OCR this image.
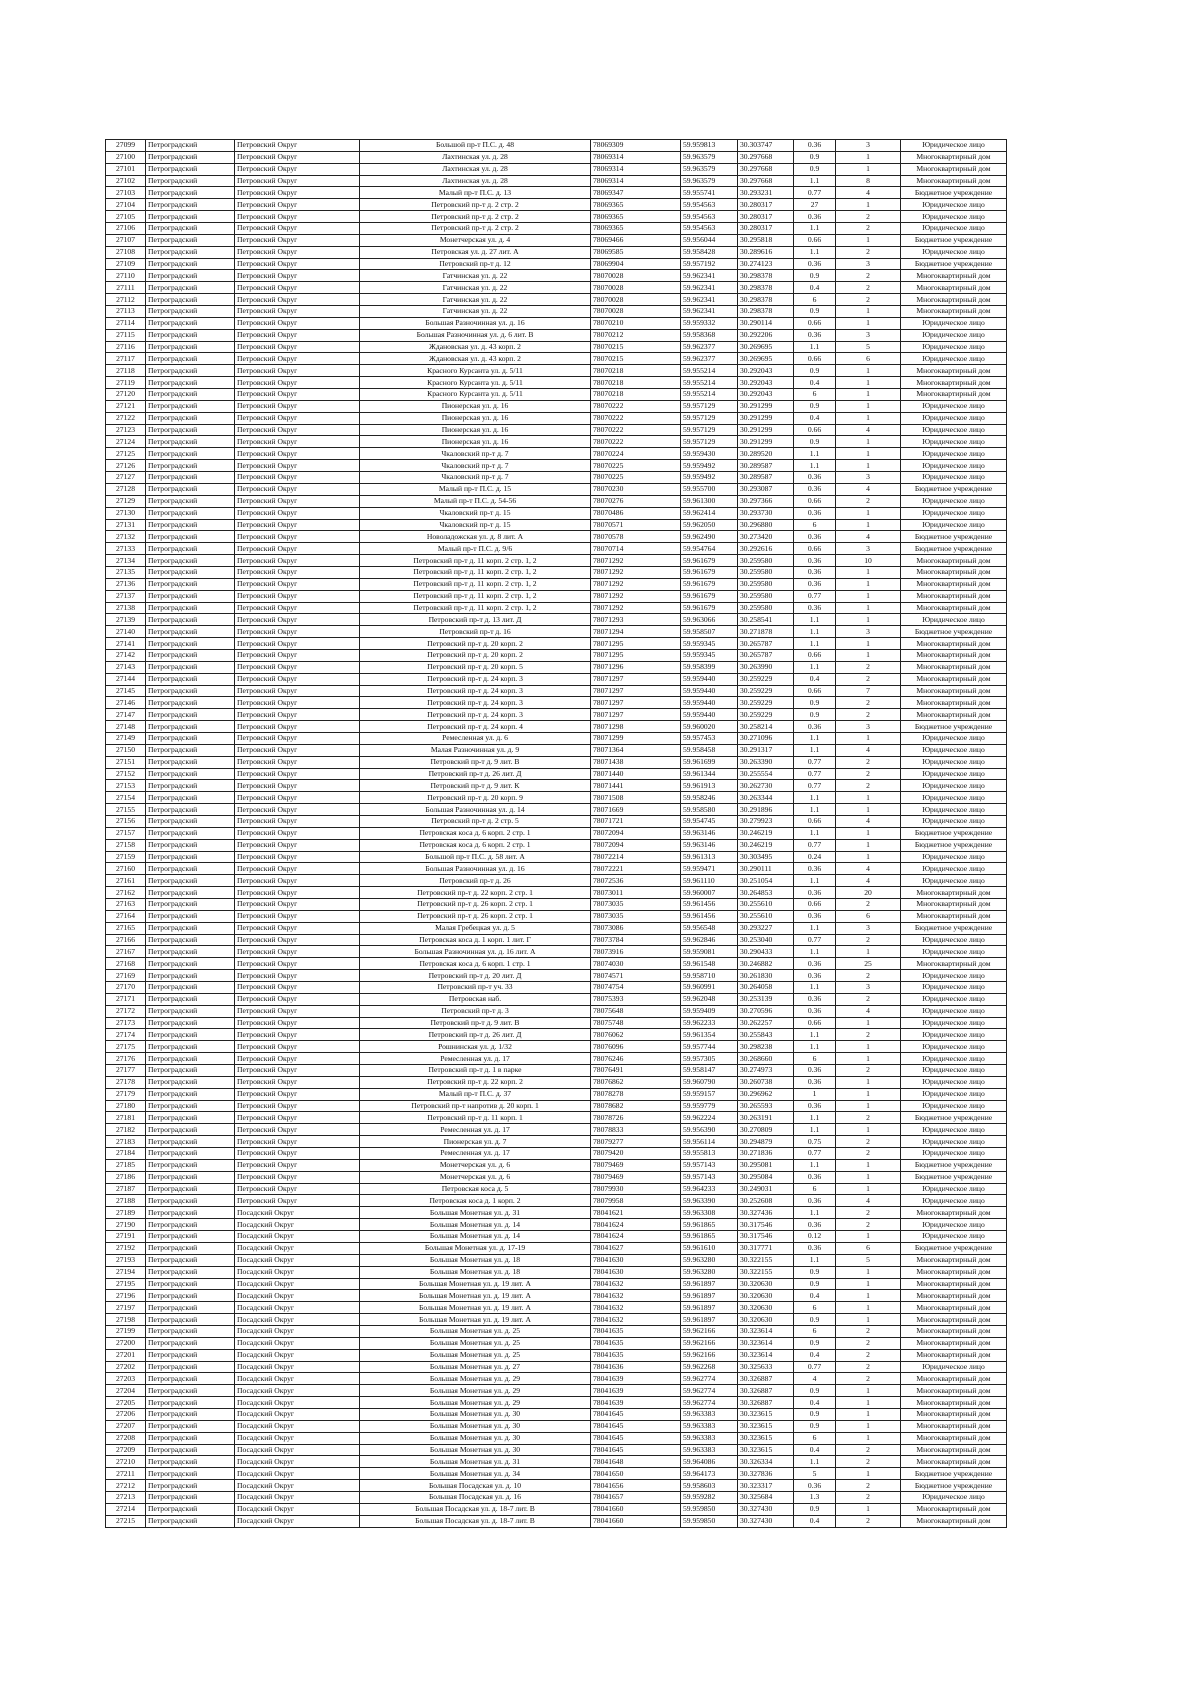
27099	Петроградский	Петровский Округ	Большой пр-т П.С. д. 48	78069309	59.959813	30.303747	0.36	3	Юридическое лицо
27100	Петроградский	Петровский Округ	Лахтинская ул. д. 28	78069314	59.963579	30.297668	0.9	1	Многоквартирный дом
27101	Петроградский	Петровский Округ	Лахтинская ул. д. 28	78069314	59.963579	30.297668	0.9	1	Многоквартирный дом
27102	Петроградский	Петровский Округ	Лахтинская ул. д. 28	78069314	59.963579	30.297668	1.1	8	Многоквартирный дом
27103	Петроградский	Петровский Округ	Малый пр-т П.С. д. 13	78069347	59.955741	30.293231	0.77	4	Бюджетное учреждение
27104	Петроградский	Петровский Округ	Петровский пр-т д. 2 стр. 2	78069365	59.954563	30.280317	27	1	Юридическое лицо
27105	Петроградский	Петровский Округ	Петровский пр-т д. 2 стр. 2	78069365	59.954563	30.280317	0.36	2	Юридическое лицо
27106	Петроградский	Петровский Округ	Петровский пр-т д. 2 стр. 2	78069365	59.954563	30.280317	1.1	2	Юридическое лицо
27107	Петроградский	Петровский Округ	Монетчерская ул. д. 4	78069466	59.956044	30.295818	0.66	1	Бюджетное учреждение
27108	Петроградский	Петровский Округ	Петровская ул. д. 27 лит. А	78069585	59.958428	30.289616	1.1	2	Юридическое лицо
27109	Петроградский	Петровский Округ	Петровский пр-т д. 12	78069904	59.957192	30.274123	0.36	3	Бюджетное учреждение
27110	Петроградский	Петровский Округ	Гатчинская ул. д. 22	78070028	59.962341	30.298378	0.9	2	Многоквартирный дом
27111	Петроградский	Петровский Округ	Гатчинская ул. д. 22	78070028	59.962341	30.298378	0.4	2	Многоквартирный дом
27112	Петроградский	Петровский Округ	Гатчинская ул. д. 22	78070028	59.962341	30.298378	6	2	Многоквартирный дом
27113	Петроградский	Петровский Округ	Гатчинская ул. д. 22	78070028	59.962341	30.298378	0.9	1	Многоквартирный дом
27114	Петроградский	Петровский Округ	Большая Разночинная ул. д. 16	78070210	59.959332	30.290114	0.66	1	Юридическое лицо
27115	Петроградский	Петровский Округ	Большая Разночинная ул. д. 6 лит. В	78070212	59.958368	30.292206	0.36	3	Юридическое лицо
27116	Петроградский	Петровский Округ	Ждановская ул. д. 43 корп. 2	78070215	59.962377	30.269695	1.1	5	Юридическое лицо
27117	Петроградский	Петровский Округ	Ждановская ул. д. 43 корп. 2	78070215	59.962377	30.269695	0.66	6	Юридическое лицо
27118	Петроградский	Петровский Округ	Красного Курсанта ул. д. 5/11	78070218	59.955214	30.292043	0.9	1	Многоквартирный дом
27119	Петроградский	Петровский Округ	Красного Курсанта ул. д. 5/11	78070218	59.955214	30.292043	0.4	1	Многоквартирный дом
27120	Петроградский	Петровский Округ	Красного Курсанта ул. д. 5/11	78070218	59.955214	30.292043	6	1	Многоквартирный дом
27121	Петроградский	Петровский Округ	Пионерская ул. д. 16	78070222	59.957129	30.291299	0.9	1	Юридическое лицо
27122	Петроградский	Петровский Округ	Пионерская ул. д. 16	78070222	59.957129	30.291299	0.4	1	Юридическое лицо
27123	Петроградский	Петровский Округ	Пионерская ул. д. 16	78070222	59.957129	30.291299	0.66	4	Юридическое лицо
27124	Петроградский	Петровский Округ	Пионерская ул. д. 16	78070222	59.957129	30.291299	0.9	1	Юридическое лицо
27125	Петроградский	Петровский Округ	Чкаловский пр-т д. 7	78070224	59.959430	30.289520	1.1	1	Юридическое лицо
27126	Петроградский	Петровский Округ	Чкаловский пр-т д. 7	78070225	59.959492	30.289587	1.1	1	Юридическое лицо
27127	Петроградский	Петровский Округ	Чкаловский пр-т д. 7	78070225	59.959492	30.289587	0.36	3	Юридическое лицо
27128	Петроградский	Петровский Округ	Малый пр-т П.С. д. 15	78070230	59.955700	30.293087	0.36	4	Бюджетное учреждение
27129	Петроградский	Петровский Округ	Малый пр-т П.С. д. 54-56	78070276	59.961300	30.297366	0.66	2	Юридическое лицо
27130	Петроградский	Петровский Округ	Чкаловский пр-т д. 15	78070486	59.962414	30.293730	0.36	1	Юридическое лицо
27131	Петроградский	Петровский Округ	Чкаловский пр-т д. 15	78070571	59.962050	30.296880	6	1	Юридическое лицо
27132	Петроградский	Петровский Округ	Новоладожская ул. д. 8 лит. А	78070578	59.962490	30.273420	0.36	4	Бюджетное учреждение
27133	Петроградский	Петровский Округ	Малый пр-т П.С. д. 9/6	78070714	59.954764	30.292616	0.66	3	Бюджетное учреждение
27134	Петроградский	Петровский Округ	Петровский пр-т д. 11 корп. 2 стр. 1, 2	78071292	59.961679	30.259580	0.36	10	Многоквартирный дом
27135	Петроградский	Петровский Округ	Петровский пр-т д. 11 корп. 2 стр. 1, 2	78071292	59.961679	30.259580	0.36	1	Многоквартирный дом
27136	Петроградский	Петровский Округ	Петровский пр-т д. 11 корп. 2 стр. 1, 2	78071292	59.961679	30.259580	0.36	1	Многоквартирный дом
27137	Петроградский	Петровский Округ	Петровский пр-т д. 11 корп. 2 стр. 1, 2	78071292	59.961679	30.259580	0.77	1	Многоквартирный дом
27138	Петроградский	Петровский Округ	Петровский пр-т д. 11 корп. 2 стр. 1, 2	78071292	59.961679	30.259580	0.36	1	Многоквартирный дом
27139	Петроградский	Петровский Округ	Петровский пр-т д. 13 лит. Д	78071293	59.963066	30.258541	1.1	1	Юридическое лицо
27140	Петроградский	Петровский Округ	Петровский пр-т д. 16	78071294	59.958507	30.271878	1.1	3	Бюджетное учреждение
27141	Петроградский	Петровский Округ	Петровский пр-т д. 20 корп. 2	78071295	59.959345	30.265787	1.1	1	Многоквартирный дом
27142	Петроградский	Петровский Округ	Петровский пр-т д. 20 корп. 2	78071295	59.959345	30.265787	0.66	1	Многоквартирный дом
27143	Петроградский	Петровский Округ	Петровский пр-т д. 20 корп. 5	78071296	59.958399	30.263990	1.1	2	Многоквартирный дом
27144	Петроградский	Петровский Округ	Петровский пр-т д. 24 корп. 3	78071297	59.959440	30.259229	0.4	2	Многоквартирный дом
27145	Петроградский	Петровский Округ	Петровский пр-т д. 24 корп. 3	78071297	59.959440	30.259229	0.66	7	Многоквартирный дом
27146	Петроградский	Петровский Округ	Петровский пр-т д. 24 корп. 3	78071297	59.959440	30.259229	0.9	2	Многоквартирный дом
27147	Петроградский	Петровский Округ	Петровский пр-т д. 24 корп. 3	78071297	59.959440	30.259229	0.9	2	Многоквартирный дом
27148	Петроградский	Петровский Округ	Петровский пр-т д. 24 корп. 4	78071298	59.960020	30.258214	0.36	3	Бюджетное учреждение
27149	Петроградский	Петровский Округ	Ремесленная ул. д. 6	78071299	59.957453	30.271096	1.1	1	Юридическое лицо
27150	Петроградский	Петровский Округ	Малая Разночинная ул. д. 9	78071364	59.958458	30.291317	1.1	4	Юридическое лицо
27151	Петроградский	Петровский Округ	Петровский пр-т д. 9 лит. В	78071438	59.961699	30.263390	0.77	2	Юридическое лицо
27152	Петроградский	Петровский Округ	Петровский пр-т д. 26 лит. Д	78071440	59.961344	30.255554	0.77	2	Юридическое лицо
27153	Петроградский	Петровский Округ	Петровский пр-т д. 9 лит. К	78071441	59.961913	30.262730	0.77	2	Юридическое лицо
27154	Петроградский	Петровский Округ	Петровский пр-т д. 20 корп. 9	78071508	59.958246	30.263344	1.1	1	Юридическое лицо
27155	Петроградский	Петровский Округ	Большая Разночинная ул. д. 14	78071669	59.958580	30.291896	1.1	1	Юридическое лицо
27156	Петроградский	Петровский Округ	Петровский пр-т д. 2 стр. 5	78071721	59.954745	30.279923	0.66	4	Юридическое лицо
27157	Петроградский	Петровский Округ	Петровская коса д. 6 корп. 2 стр. 1	78072094	59.963146	30.246219	1.1	1	Бюджетное учреждение
27158	Петроградский	Петровский Округ	Петровская коса д. 6 корп. 2 стр. 1	78072094	59.963146	30.246219	0.77	1	Бюджетное учреждение
27159	Петроградский	Петровский Округ	Большой пр-т П.С. д. 58 лит. А	78072214	59.961313	30.303495	0.24	1	Юридическое лицо
27160	Петроградский	Петровский Округ	Большая Разночинная ул. д. 16	78072221	59.959471	30.290111	0.36	4	Юридическое лицо
27161	Петроградский	Петровский Округ	Петровский пр-т д. 26	78072536	59.961110	30.251054	1.1	4	Юридическое лицо
27162	Петроградский	Петровский Округ	Петровский пр-т д. 22 корп. 2 стр. 1	78073011	59.960007	30.264853	0.36	20	Многоквартирный дом
27163	Петроградский	Петровский Округ	Петровский пр-т д. 26 корп. 2 стр. 1	78073035	59.961456	30.255610	0.66	2	Многоквартирный дом
27164	Петроградский	Петровский Округ	Петровский пр-т д. 26 корп. 2 стр. 1	78073035	59.961456	30.255610	0.36	6	Многоквартирный дом
27165	Петроградский	Петровский Округ	Малая Гребецкая ул. д. 5	78073086	59.956548	30.293227	1.1	3	Бюджетное учреждение
27166	Петроградский	Петровский Округ	Петровская коса д. 1 корп. 1 лит. Г	78073784	59.962846	30.253040	0.77	2	Юридическое лицо
27167	Петроградский	Петровский Округ	Большая Разночинная ул. д. 16 лит. А	78073916	59.959081	30.290433	1.1	1	Юридическое лицо
27168	Петроградский	Петровский Округ	Петровская коса д. 6 корп. 1 стр. 1	78074030	59.961548	30.246882	0.36	25	Многоквартирный дом
27169	Петроградский	Петровский Округ	Петровский пр-т д. 20 лит. Д	78074571	59.958710	30.261830	0.36	2	Юридическое лицо
27170	Петроградский	Петровский Округ	Петровский пр-т уч. 33	78074754	59.960991	30.264058	1.1	3	Юридическое лицо
27171	Петроградский	Петровский Округ	Петровская наб.	78075393	59.962048	30.253139	0.36	2	Юридическое лицо
27172	Петроградский	Петровский Округ	Петровский пр-т д. 3	78075648	59.959409	30.270596	0.36	4	Юридическое лицо
27173	Петроградский	Петровский Округ	Петровский пр-т д. 9 лит. В	78075748	59.962233	30.262257	0.66	1	Юридическое лицо
27174	Петроградский	Петровский Округ	Петровский пр-т д. 26 лит. Д	78076062	59.961354	30.255843	1.1	2	Юридическое лицо
27175	Петроградский	Петровский Округ	Рошнинская ул. д. 1/32	78076096	59.957744	30.298238	1.1	1	Юридическое лицо
27176	Петроградский	Петровский Округ	Ремесленная ул. д. 17	78076246	59.957305	30.268660	6	1	Юридическое лицо
27177	Петроградский	Петровский Округ	Петровский пр-т д. 1 в парке	78076491	59.958147	30.274973	0.36	2	Юридическое лицо
27178	Петроградский	Петровский Округ	Петровский пр-т д. 22 корп. 2	78076862	59.960790	30.260738	0.36	1	Юридическое лицо
27179	Петроградский	Петровский Округ	Малый пр-т П.С. д. 37	78078278	59.959157	30.296962	1	1	Юридическое лицо
27180	Петроградский	Петровский Округ	Петровский пр-т напротив д. 20 корп. 1	78078682	59.959779	30.265593	0.36	1	Юридическое лицо
27181	Петроградский	Петровский Округ	Петровский пр-т д. 11 корп. 1	78078726	59.962224	30.263191	1.1	2	Бюджетное учреждение
27182	Петроградский	Петровский Округ	Ремесленная ул. д. 17	78078833	59.956390	30.270809	1.1	1	Юридическое лицо
27183	Петроградский	Петровский Округ	Пионерская ул. д. 7	78079277	59.956114	30.294879	0.75	2	Юридическое лицо
27184	Петроградский	Петровский Округ	Ремесленная ул. д. 17	78079420	59.955813	30.271836	0.77	2	Юридическое лицо
27185	Петроградский	Петровский Округ	Монетчерская ул. д. 6	78079469	59.957143	30.295081	1.1	1	Бюджетное учреждение
27186	Петроградский	Петровский Округ	Монетчерская ул. д. 6	78079469	59.957143	30.295084	0.36	1	Бюджетное учреждение
27187	Петроградский	Петровский Округ	Петровская коса д. 5	78079930	59.964233	30.249031	6	1	Юридическое лицо
27188	Петроградский	Петровский Округ	Петровская коса д. 1 корп. 2	78079958	59.963390	30.252608	0.36	4	Юридическое лицо
27189	Петроградский	Посадский Округ	Большая Монетная ул. д. 31	78041621	59.963308	30.327436	1.1	2	Многоквартирный дом
27190	Петроградский	Посадский Округ	Большая Монетная ул. д. 14	78041624	59.961865	30.317546	0.36	2	Юридическое лицо
27191	Петроградский	Посадский Округ	Большая Монетная ул. д. 14	78041624	59.961865	30.317546	0.12	1	Юридическое лицо
27192	Петроградский	Посадский Округ	Большая Монетная ул. д. 17-19	78041627	59.961610	30.317771	0.36	6	Бюджетное учреждение
27193	Петроградский	Посадский Округ	Большая Монетная ул. д. 18	78041630	59.963280	30.322155	1.1	5	Многоквартирный дом
27194	Петроградский	Посадский Округ	Большая Монетная ул. д. 18	78041630	59.963280	30.322155	0.9	1	Многоквартирный дом
27195	Петроградский	Посадский Округ	Большая Монетная ул. д. 19 лит. А	78041632	59.961897	30.320630	0.9	1	Многоквартирный дом
27196	Петроградский	Посадский Округ	Большая Монетная ул. д. 19 лит. А	78041632	59.961897	30.320630	0.4	1	Многоквартирный дом
27197	Петроградский	Посадский Округ	Большая Монетная ул. д. 19 лит. А	78041632	59.961897	30.320630	6	1	Многоквартирный дом
27198	Петроградский	Посадский Округ	Большая Монетная ул. д. 19 лит. А	78041632	59.961897	30.320630	0.9	1	Многоквартирный дом
27199	Петроградский	Посадский Округ	Большая Монетная ул. д. 25	78041635	59.962166	30.323614	6	2	Многоквартирный дом
27200	Петроградский	Посадский Округ	Большая Монетная ул. д. 25	78041635	59.962166	30.323614	0.9	2	Многоквартирный дом
27201	Петроградский	Посадский Округ	Большая Монетная ул. д. 25	78041635	59.962166	30.323614	0.4	2	Многоквартирный дом
27202	Петроградский	Посадский Округ	Большая Монетная ул. д. 27	78041636	59.962268	30.325633	0.77	2	Юридическое лицо
27203	Петроградский	Посадский Округ	Большая Монетная ул. д. 29	78041639	59.962774	30.326887	4	2	Многоквартирный дом
27204	Петроградский	Посадский Округ	Большая Монетная ул. д. 29	78041639	59.962774	30.326887	0.9	1	Многоквартирный дом
27205	Петроградский	Посадский Округ	Большая Монетная ул. д. 29	78041639	59.962774	30.326887	0.4	1	Многоквартирный дом
27206	Петроградский	Посадский Округ	Большая Монетная ул. д. 30	78041645	59.963383	30.323615	0.9	1	Многоквартирный дом
27207	Петроградский	Посадский Округ	Большая Монетная ул. д. 30	78041645	59.963383	30.323615	0.9	1	Многоквартирный дом
27208	Петроградский	Посадский Округ	Большая Монетная ул. д. 30	78041645	59.963383	30.323615	6	1	Многоквартирный дом
27209	Петроградский	Посадский Округ	Большая Монетная ул. д. 30	78041645	59.963383	30.323615	0.4	2	Многоквартирный дом
27210	Петроградский	Посадский Округ	Большая Монетная ул. д. 31	78041648	59.964086	30.326334	1.1	2	Многоквартирный дом
27211	Петроградский	Посадский Округ	Большая Монетная ул. д. 34	78041650	59.964173	30.327836	5	1	Бюджетное учреждение
27212	Петроградский	Посадский Округ	Большая Посадская ул. д. 10	78041656	59.958603	30.323317	0.36	2	Бюджетное учреждение
27213	Петроградский	Посадский Округ	Большая Посадская ул. д. 16	78041657	59.959282	30.325684	1.3	2	Юридическое лицо
27214	Петроградский	Посадский Округ	Большая Посадская ул. д. 18-7 лит. В	78041660	59.959850	30.327430	0.9	1	Многоквартирный дом
27215	Петроградский	Посадский Округ	Большая Посадская ул. д. 18-7 лит. В	78041660	59.959850	30.327430	0.4	2	Многоквартирный дом
